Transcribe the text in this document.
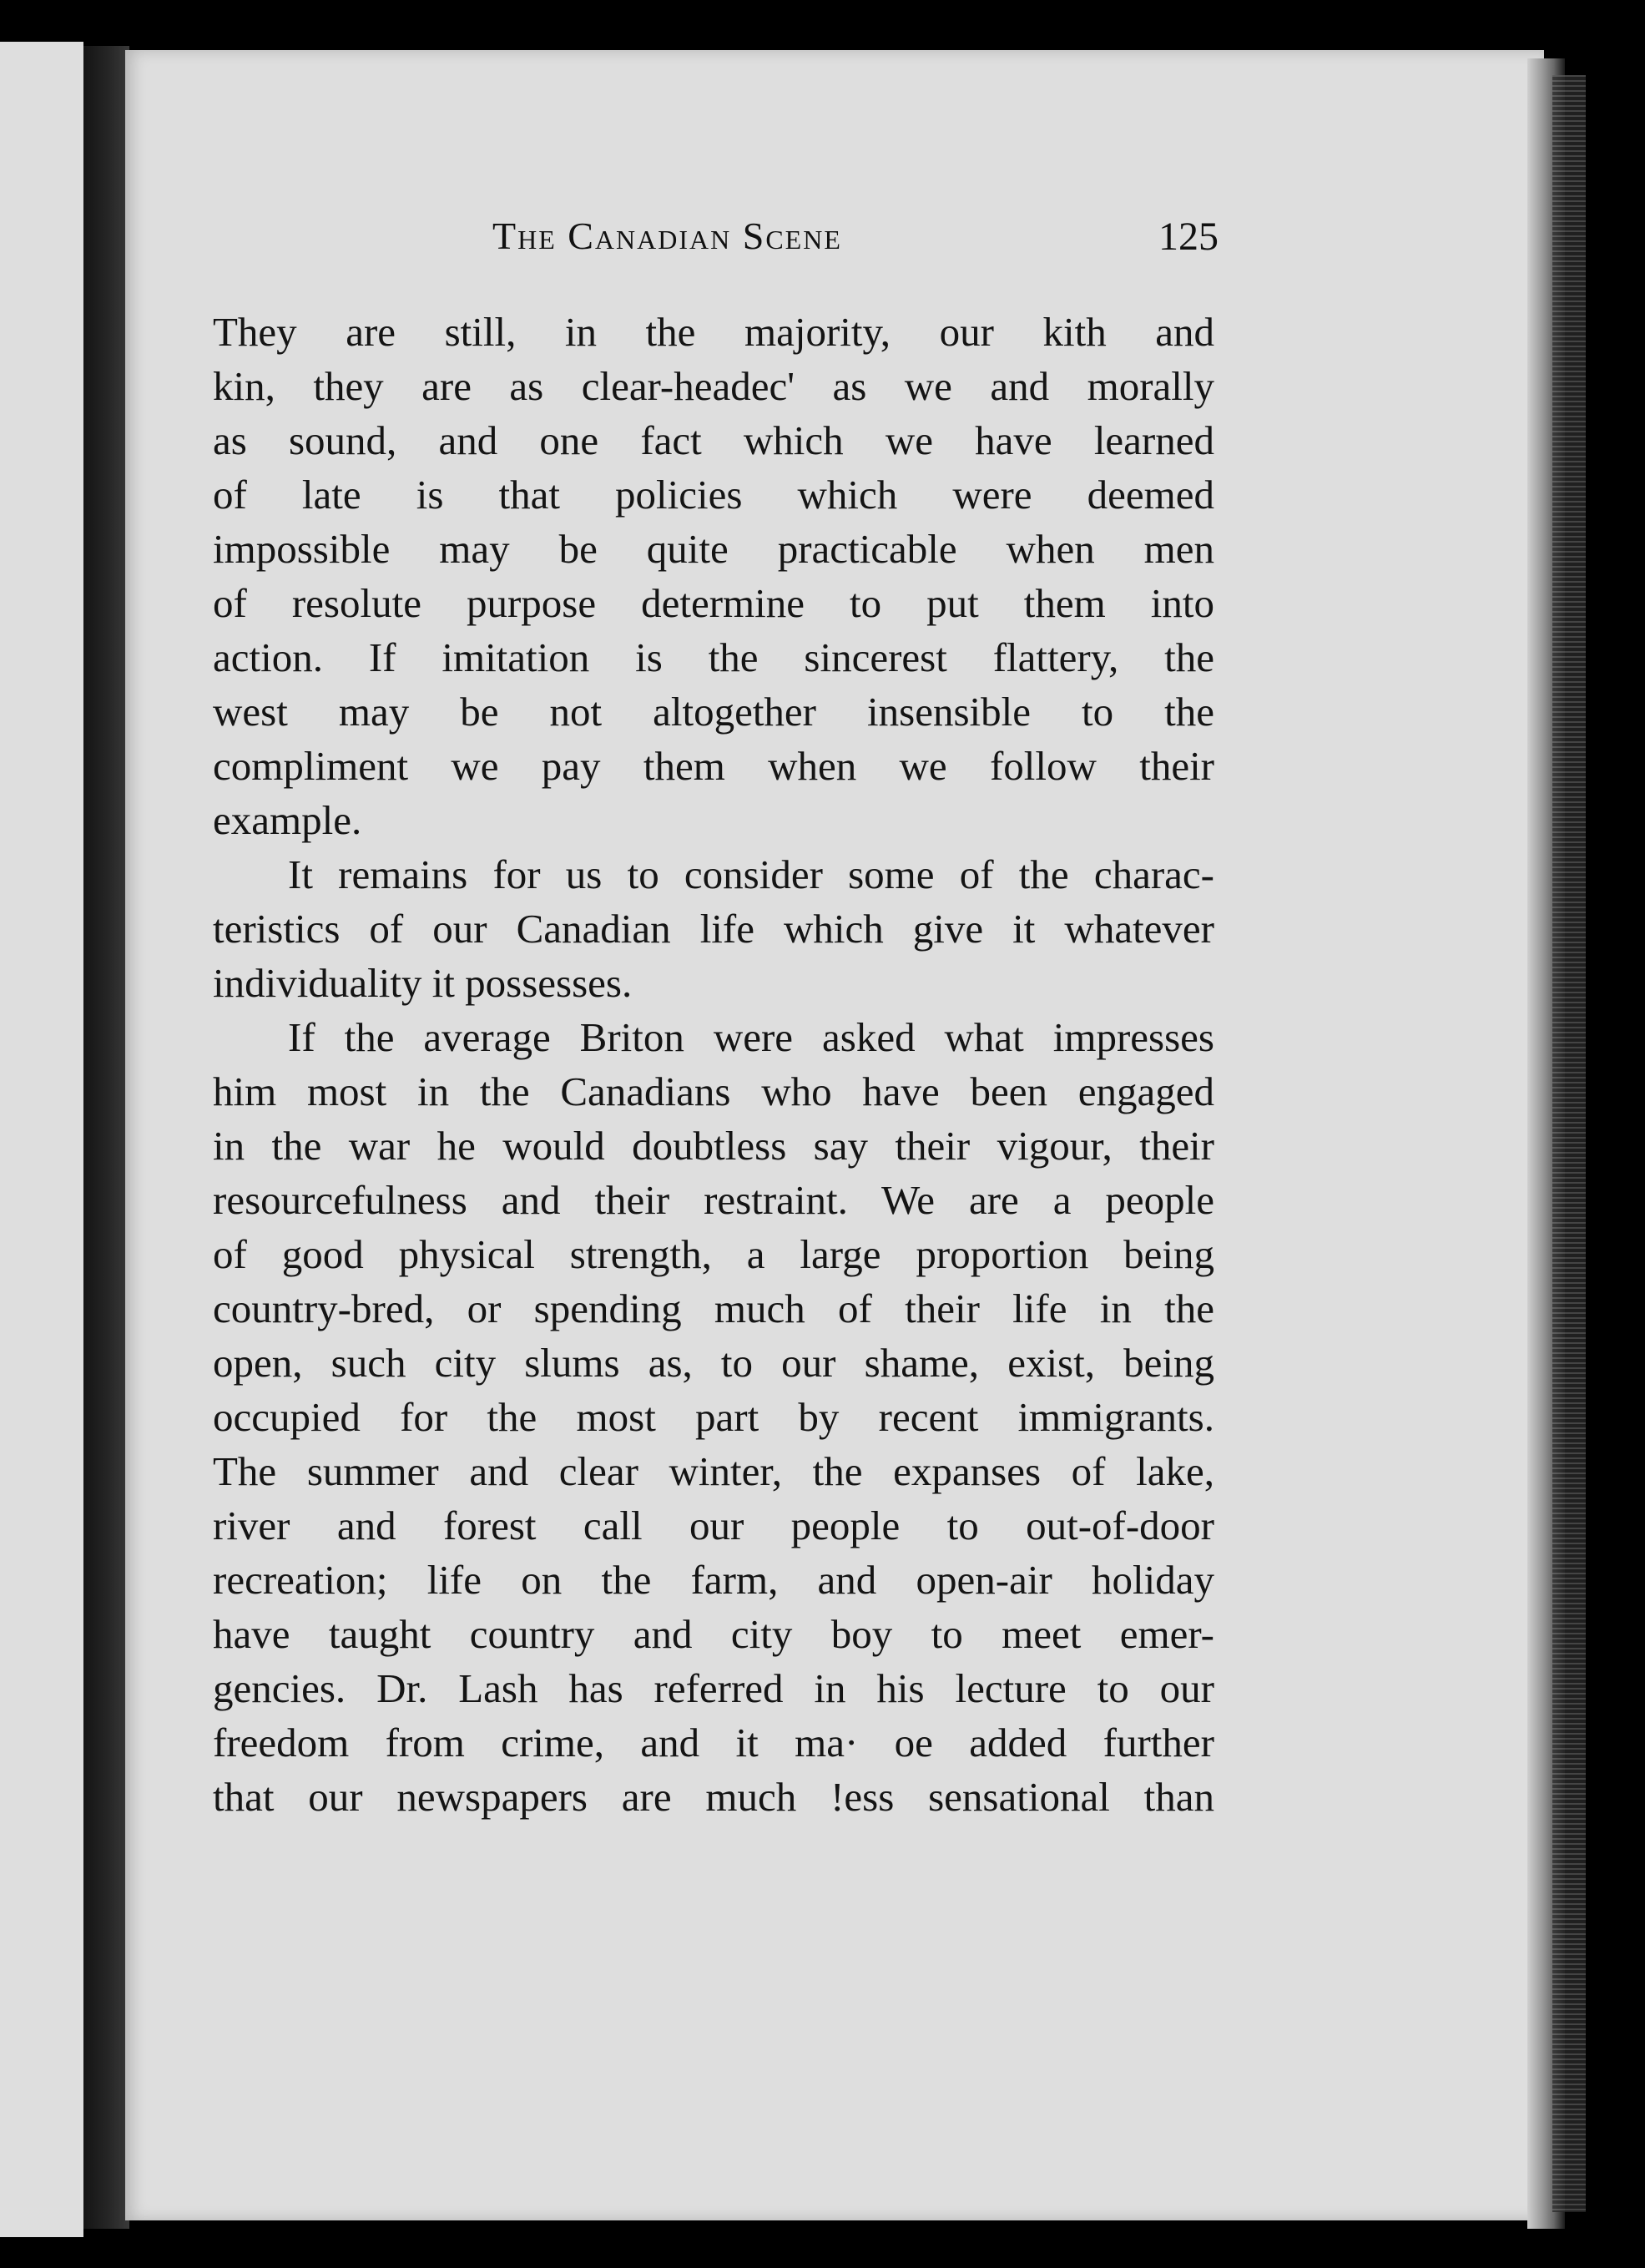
The Canadian Scene	125
They are still, in the majority, our kith and
kin, they are as clear-headec' as we and morally
as sound, and one fact which we have learned
of late is that policies which were deemed
impossible may be quite practicable when men
of resolute purpose determine to put them into
action. If imitation is the sincerest flattery, the
west may be not altogether insensible to the
compliment we pay them when we follow their
example.
It remains for us to consider some of the charac-
teristics of our Canadian life which give it whatever
individuality it possesses.
If the average Briton were asked what impresses
him most in the Canadians who have been engaged
in the war he would doubtless say their vigour, their
resourcefulness and their restraint. We are a people
of good physical strength, a large proportion being
country-bred, or spending much of their life in the
open, such city slums as, to our shame, exist, being
occupied for the most part by recent immigrants.
The summer and clear winter, the expanses of lake,
river and forest call our people to out-of-door
recreation; life on the farm, and open-air holiday
have taught country and city boy to meet emer-
gencies. Dr. Lash has referred in his lecture to our
freedom from crime, and it ma· oe added further
that our newspapers are much !ess sensational than
